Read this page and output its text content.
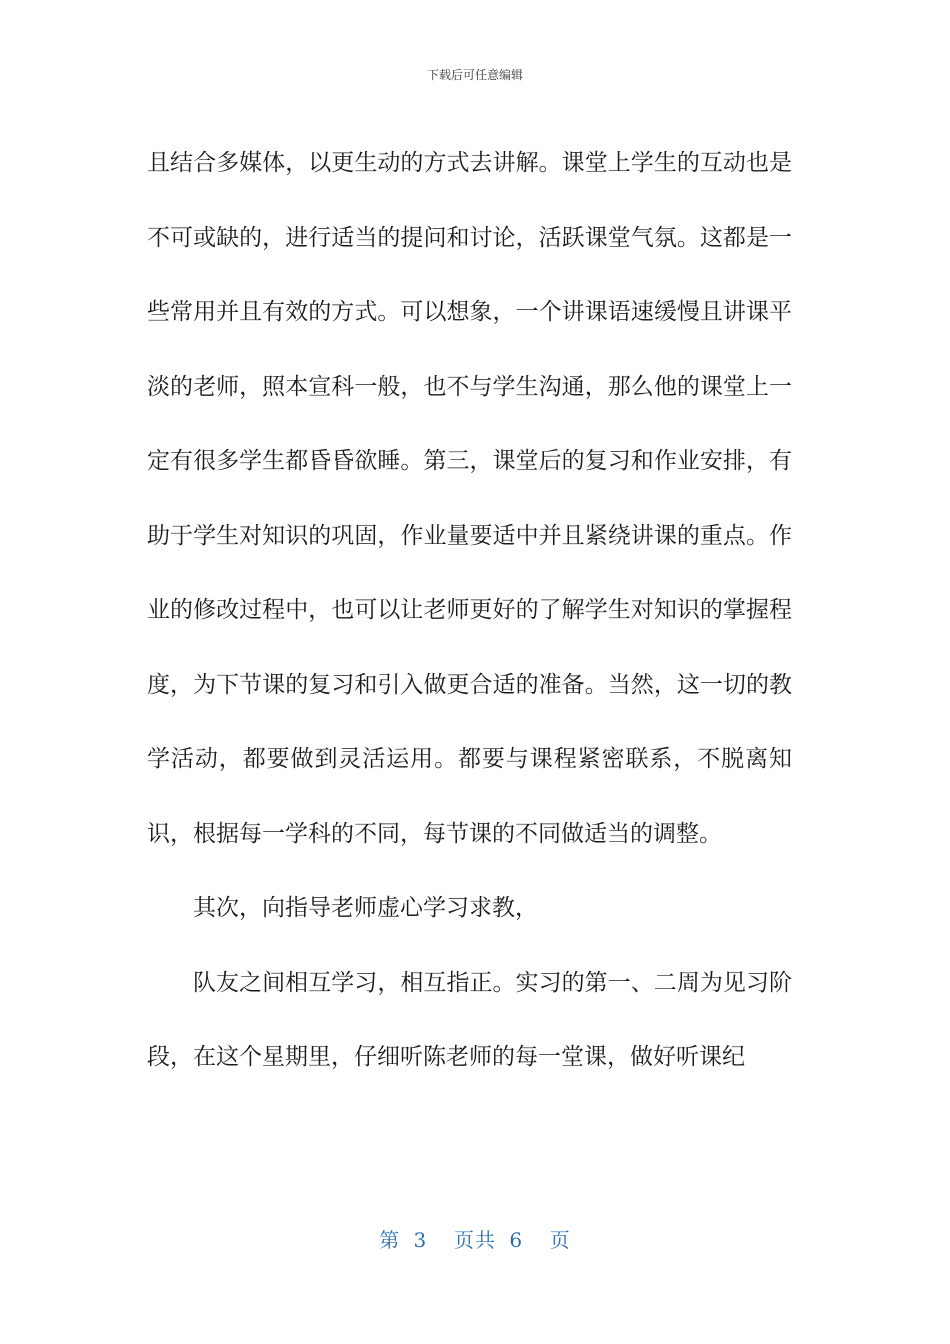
下载后可任意编辑

且结合多媒体，以更生动的方式去讲解。课堂上学生的互动也是不可或缺的，进行适当的提问和讨论，活跃课堂气氛。这都是一些常用并且有效的方式。可以想象，一个讲课语速缓慢且讲课平淡的老师，照本宣科一般，也不与学生沟通，那么他的课堂上一定有很多学生都昏昏欲睡。第三，课堂后的复习和作业安排，有助于学生对知识的巩固，作业量要适中并且紧绕讲课的重点。作业的修改过程中，也可以让老师更好的了解学生对知识的掌握程度，为下节课的复习和引入做更合适的准备。当然，这一切的教学活动，都要做到灵活运用。都要与课程紧密联系，不脱离知识，根据每一学科的不同，每节课的不同做适当的调整。

其次，向指导老师虚心学习求教，

队友之间相互学习，相互指正。实习的第一、二周为见习阶段，在这个星期里，仔细听陈老师的每一堂课，做好听课纪

第 3  页共 6  页
